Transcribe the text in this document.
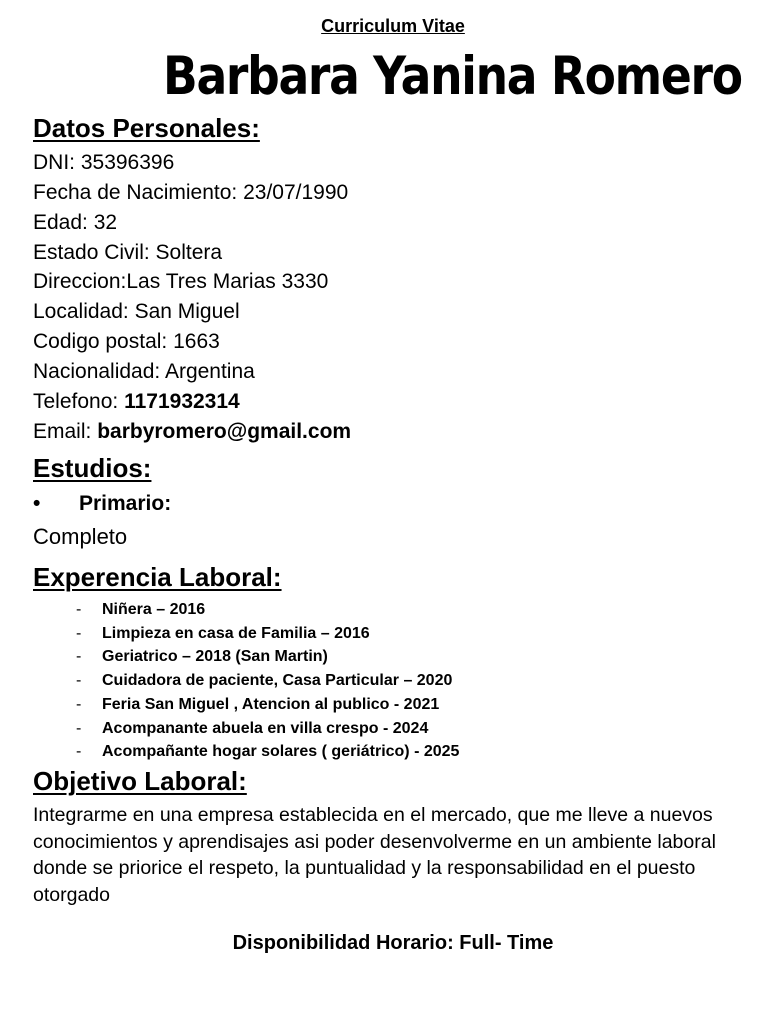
Curriculum Vitae
Barbara Yanina Romero
Datos Personales:
DNI: 35396396
Fecha de Nacimiento: 23/07/1990
Edad: 32
Estado Civil: Soltera
Direccion:Las Tres Marias 3330
Localidad: San Miguel
Codigo postal: 1663
Nacionalidad: Argentina
Telefono: 1171932314
Email: barbyromero@gmail.com
Estudios:
• Primario:
Completo
Experencia Laboral:
- Niñera – 2016
- Limpieza en casa de Familia – 2016
- Geriatrico – 2018 (San Martin)
- Cuidadora de paciente, Casa Particular – 2020
- Feria San Miguel , Atencion al publico - 2021
- Acompanante abuela en villa crespo - 2024
- Acompañante hogar solares ( geriátrico) - 2025
Objetivo Laboral:
Integrarme en una empresa establecida en el mercado, que me lleve a nuevos conocimientos y aprendisajes asi poder desenvolverme en un ambiente laboral donde se priorice el respeto, la puntualidad y la responsabilidad en el puesto otorgado
Disponibilidad Horario: Full- Time
